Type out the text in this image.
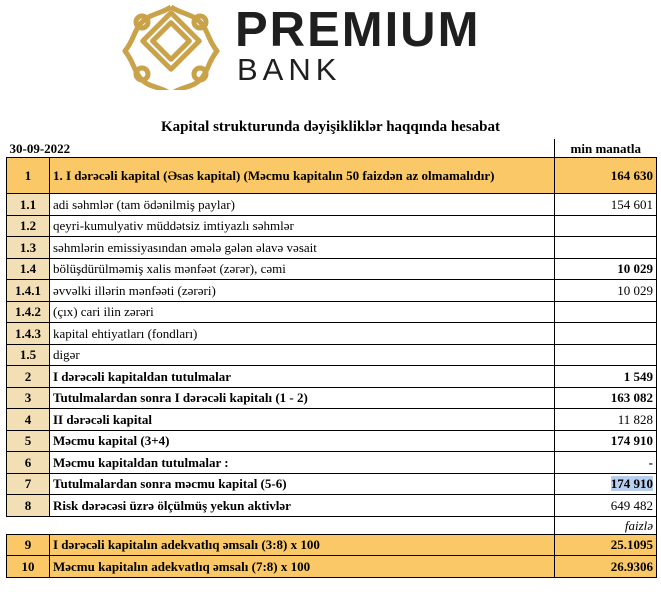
PREMIUM
BANK
Kapital strukturunda dəyişikliklər haqqında hesabat
30-09-2022		min manatla
1	1. I dərəcəli kapital (Əsas kapital) (Məcmu kapitalın 50 faizdən az olmamalıdır)	164 630
1.1	adi səhmlər (tam ödənilmiş paylar)	154 601
1.2	qeyri-kumulyativ müddətsiz imtiyazlı səhmlər	
1.3	səhmlərin emissiyasından əmələ gələn əlavə vəsait	
1.4	bölüşdürülməmiş xalis mənfəət (zərər), cəmi	10 029
1.4.1	əvvəlki illərin mənfəəti (zərəri)	10 029
1.4.2	(çıx) cari ilin zərəri	
1.4.3	kapital ehtiyatları (fondları)	
1.5	digər	
2	I dərəcəli kapitaldan tutulmalar	1 549
3	Tutulmalardan sonra I dərəcəli kapitalı (1 - 2)	163 082
4	II dərəcəli kapital	11 828
5	Məcmu kapital (3+4)	174 910
6	Məcmu kapitaldan tutulmalar :	-
7	Tutulmalardan sonra məcmu kapital (5-6)	174 910
8	Risk dərəcəsi üzrə ölçülmüş yekun aktivlər	649 482
		faizlə
9	I dərəcəli kapitalın adekvatlıq əmsalı (3:8) x 100	25.1095
10	Məcmu kapitalın adekvatlıq əmsalı (7:8) x 100	26.9306
